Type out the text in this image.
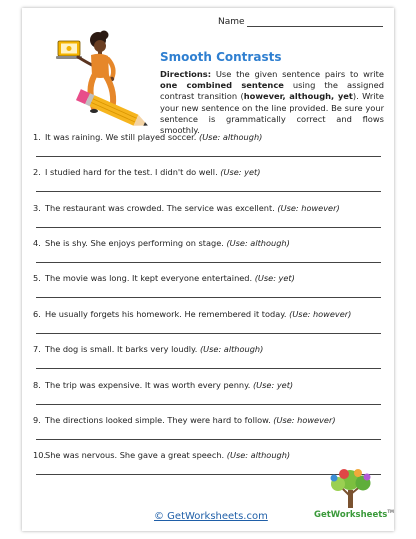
Name
Smooth Contrasts
Directions: Use the given sentence pairs to write one combined sentence using the assigned contrast transition (however, although, yet). Write your new sentence on the line provided. Be sure your sentence is grammatically correct and flows smoothly.
1. It was raining. We still played soccer. (Use: although)
2. I studied hard for the test. I didn't do well. (Use: yet)
3. The restaurant was crowded. The service was excellent. (Use: however)
4. She is shy. She enjoys performing on stage. (Use: although)
5. The movie was long. It kept everyone entertained. (Use: yet)
6. He usually forgets his homework. He remembered it today. (Use: however)
7. The dog is small. It barks very loudly. (Use: although)
8. The trip was expensive. It was worth every penny. (Use: yet)
9. The directions looked simple. They were hard to follow. (Use: however)
10.She was nervous. She gave a great speech. (Use: although)
© GetWorksheets.com	GetWorksheets™
